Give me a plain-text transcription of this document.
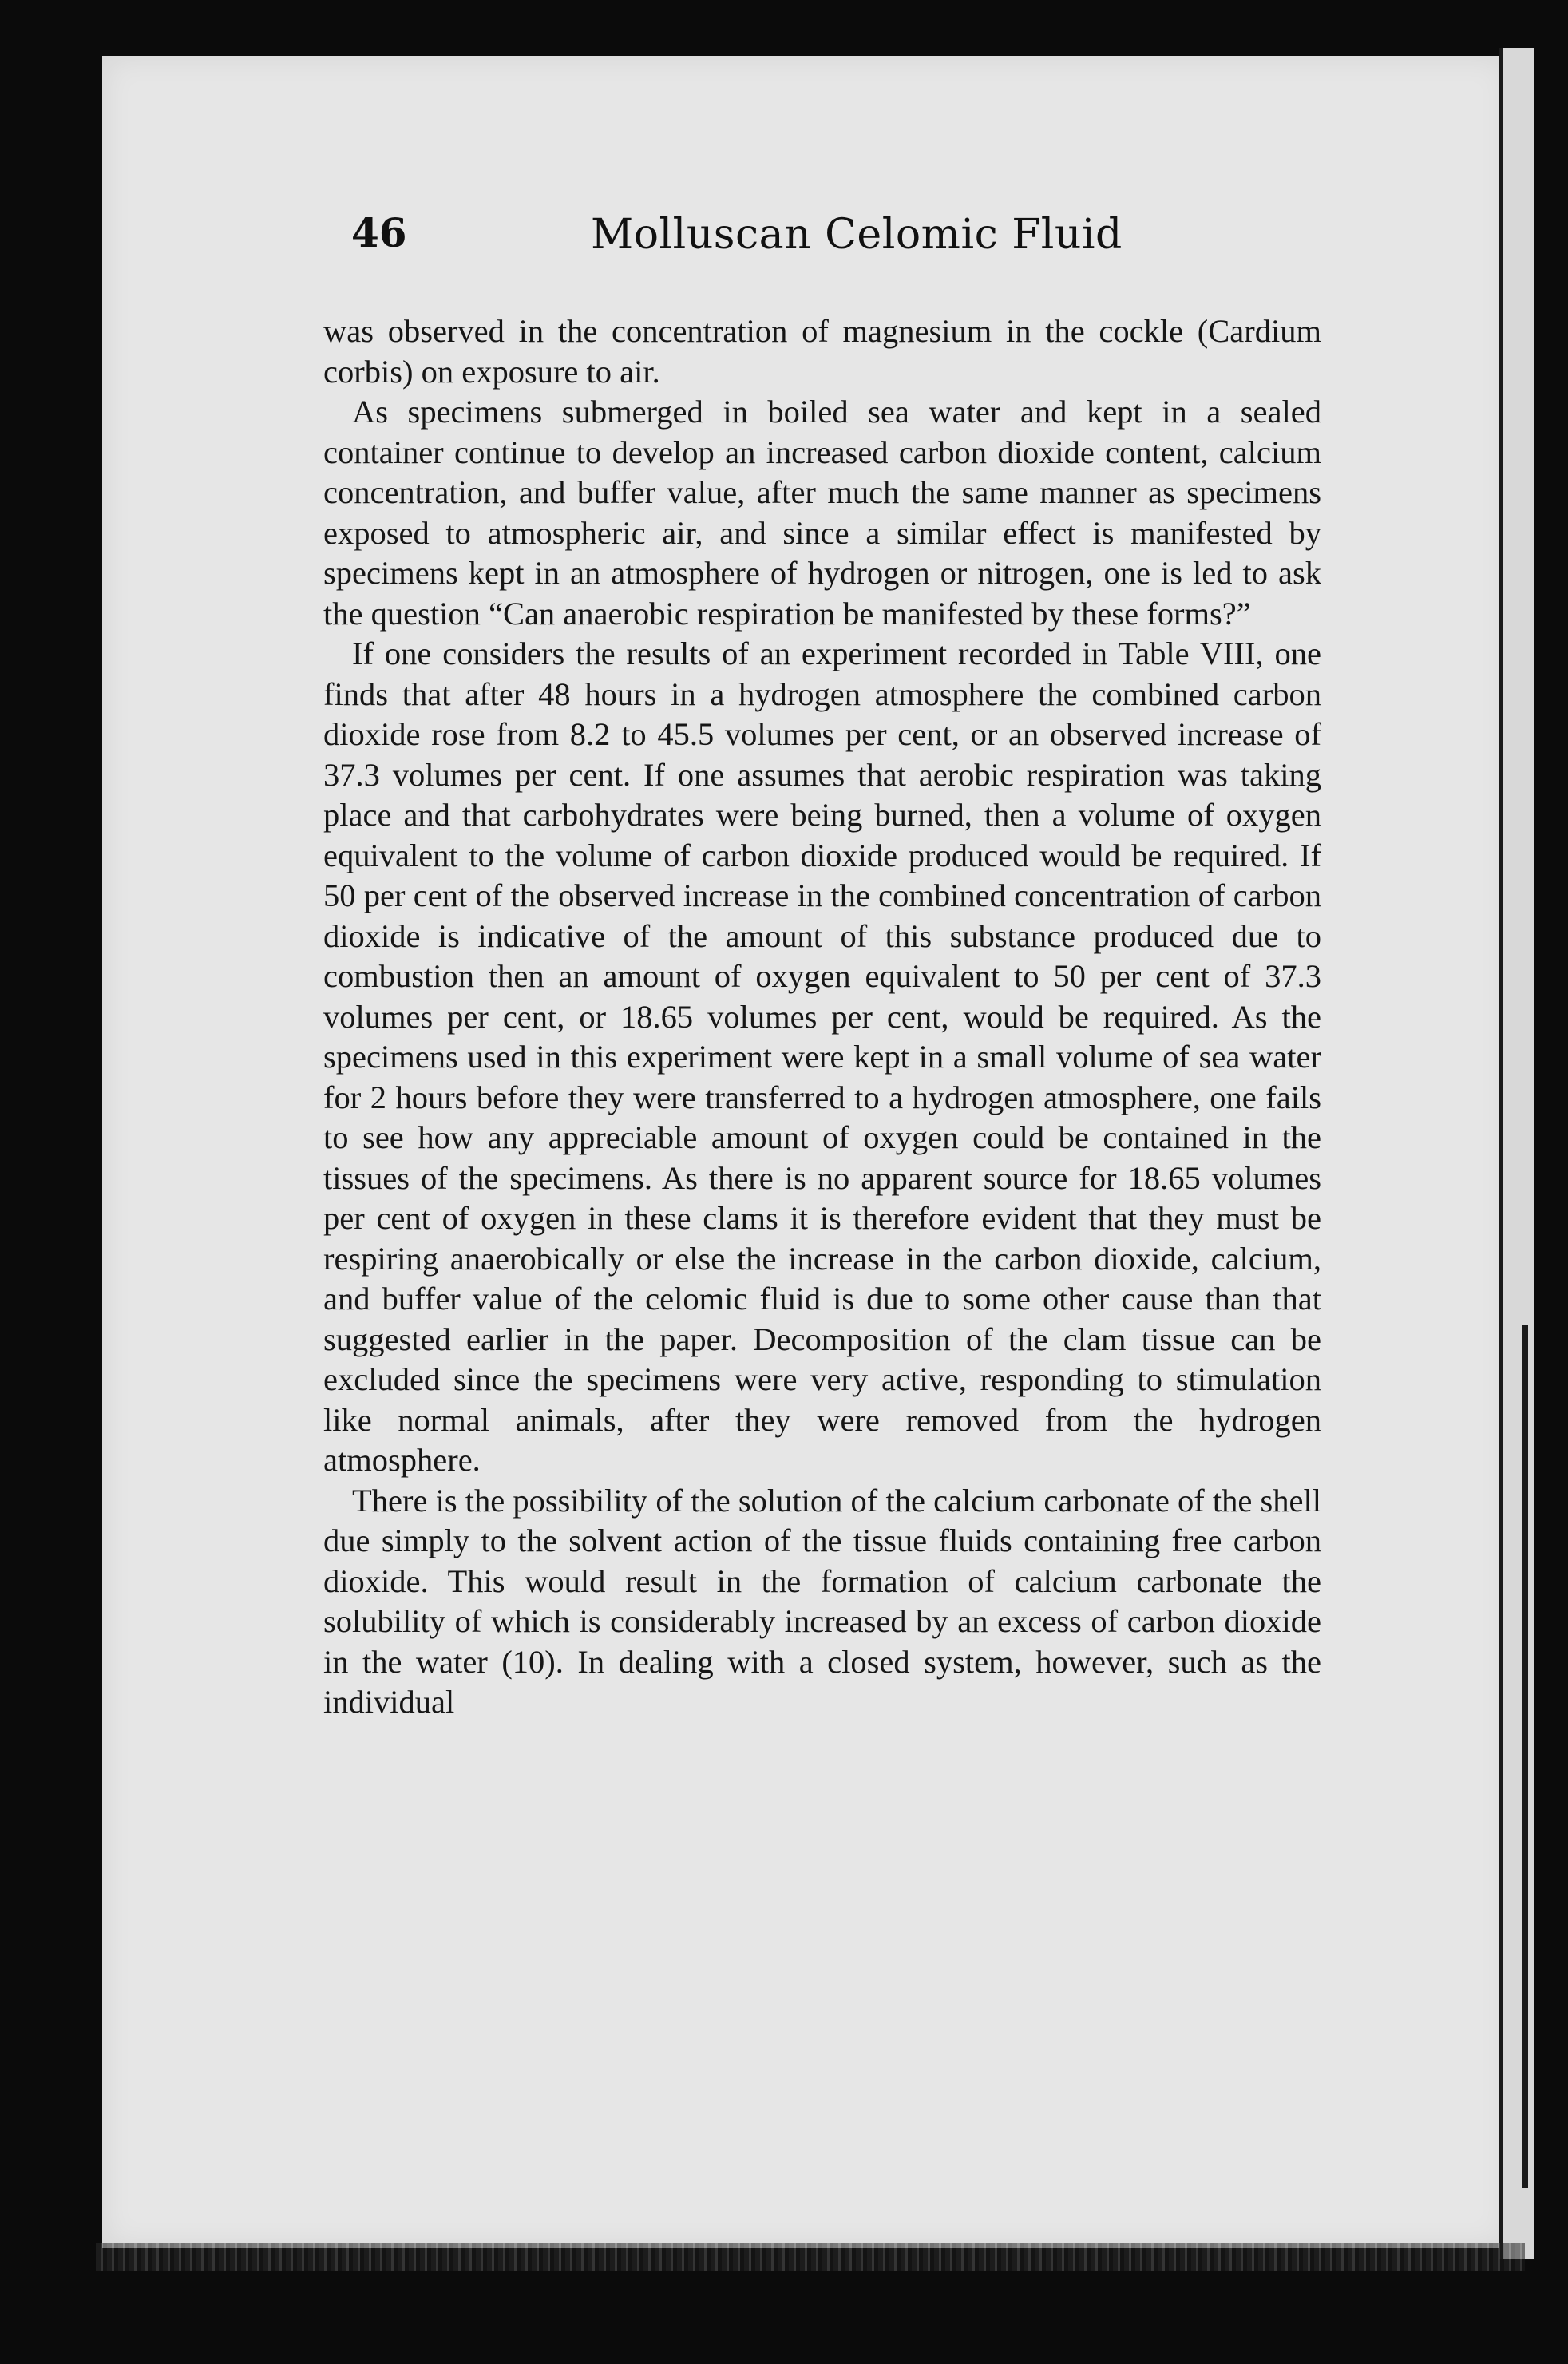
46	Molluscan Celomic Fluid

was observed in the concentration of magnesium in the cockle (Cardium corbis) on exposure to air.

As specimens submerged in boiled sea water and kept in a sealed container continue to develop an increased carbon dioxide content, calcium concentration, and buffer value, after much the same manner as specimens exposed to atmospheric air, and since a similar effect is manifested by specimens kept in an atmosphere of hydrogen or nitrogen, one is led to ask the question “Can anaerobic respiration be manifested by these forms?”

If one considers the results of an experiment recorded in Table VIII, one finds that after 48 hours in a hydrogen atmosphere the combined carbon dioxide rose from 8.2 to 45.5 volumes per cent, or an observed increase of 37.3 volumes per cent. If one assumes that aerobic respiration was taking place and that carbohydrates were being burned, then a volume of oxygen equivalent to the volume of carbon dioxide produced would be required. If 50 per cent of the observed increase in the combined concentration of carbon dioxide is indicative of the amount of this substance produced due to combustion then an amount of oxygen equivalent to 50 per cent of 37.3 volumes per cent, or 18.65 volumes per cent, would be required. As the specimens used in this experiment were kept in a small volume of sea water for 2 hours before they were transferred to a hydrogen atmosphere, one fails to see how any appreciable amount of oxygen could be contained in the tissues of the specimens. As there is no apparent source for 18.65 volumes per cent of oxygen in these clams it is therefore evident that they must be respiring anaerobically or else the increase in the carbon dioxide, calcium, and buffer value of the celomic fluid is due to some other cause than that suggested earlier in the paper. Decomposition of the clam tissue can be excluded since the specimens were very active, responding to stimulation like normal animals, after they were removed from the hydrogen atmosphere.

There is the possibility of the solution of the calcium carbonate of the shell due simply to the solvent action of the tissue fluids containing free carbon dioxide. This would result in the formation of calcium carbonate the solubility of which is considerably increased by an excess of carbon dioxide in the water (10). In dealing with a closed system, however, such as the individual
